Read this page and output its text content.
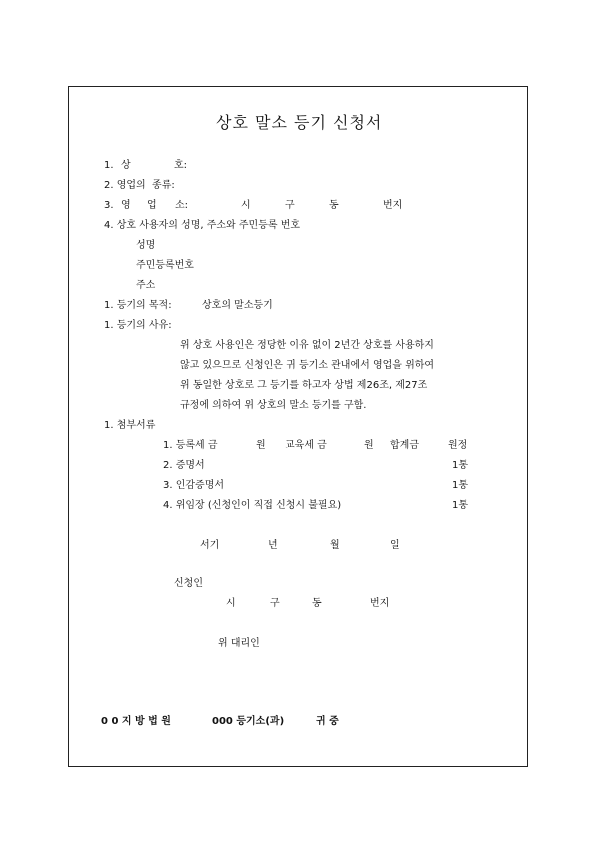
상호 말소 등기 신청서
1. 상	호:
2. 영업의  종류:
3. 영 업 소:	시	구	동	번지
4. 상호 사용자의 성명, 주소와 주민등록 번호
성명
주민등록번호
주소
1. 등기의 목적:	상호의 말소등기
1. 등기의 사유:
위 상호 사용인은 정당한 이유 없이 2년간 상호를 사용하지
않고 있으므로 신청인은 귀 등기소 관내에서 영업을 위하여
위 동일한 상호로 그 등기를 하고자 상법 제26조, 제27조
규정에 의하여 위 상호의 말소 등기를 구함.
1. 첨부서류
1. 등록세 금	원 교육세 금	원 합계금	원정
2. 증명서	1통
3. 인감증명서	1통
4. 위임장 (신청인이 직접 신청시 불필요)	1통
서기	년	월	일
신청인
시	구	동	번지
위 대리인
0 0 지 방 법 원	000 등기소(과)	귀 중
